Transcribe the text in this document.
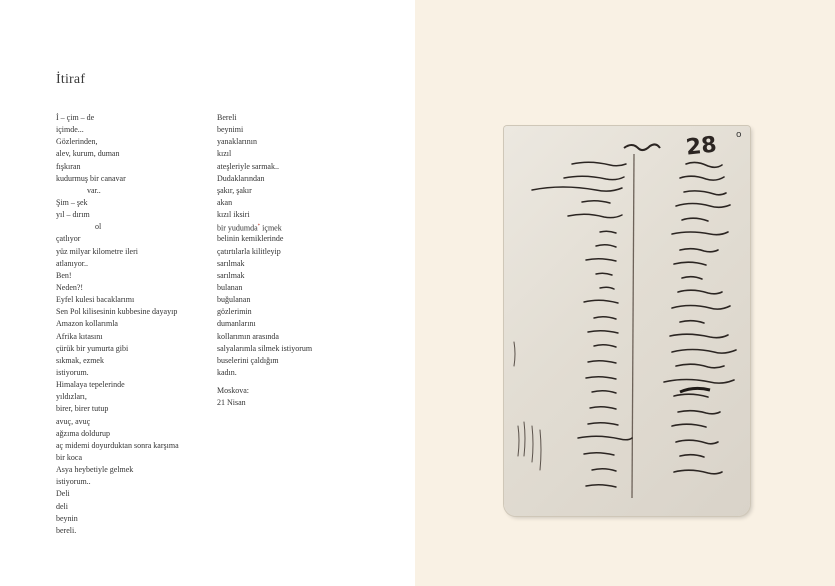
İtiraf
İ – çim – de
içimde...
Gözlerinden,
alev, kurum, duman
fışkıran
kudurmuş bir canavar
var..
Şim – şek
yıl – dırım
ol
çatlıyor
yüz milyar kilometre ileri
atlanıyor..
Ben!
Neden?!
Eyfel kulesi bacaklarımı
Sen Pol kilisesinin kubbesine dayayıp
Amazon kollarımla
Afrika kıtasını
çürük bir yumurta gibi
sıkmak, ezmek
istiyorum.
Himalaya tepelerinde
yıldızları,
birer, birer tutup
avuç, avuç
ağzıma doldurup
aç midemi doyurduktan sonra karşıma
bir koca
Asya heybetiyle gelmek
istiyorum..
Deli
deli
beynin
bereli.
Bereli
beynimi
yanaklarının
kızıl
ateşleriyle sarmak..
Dudaklarından
şakır, şakır
akan
kızıl iksiri
bir yudumda* içmek
belinin kemiklerinde
çatırtılarla kilitleyip
sarılmak
sarılmak
bulanan
buğulanan
gözlerimin
dumanlarını
kollarımın arasında
salyalarımla silmek istiyorum
buselerini çaldığım
kadın.
Moskova:
21 Nisan
28 o
